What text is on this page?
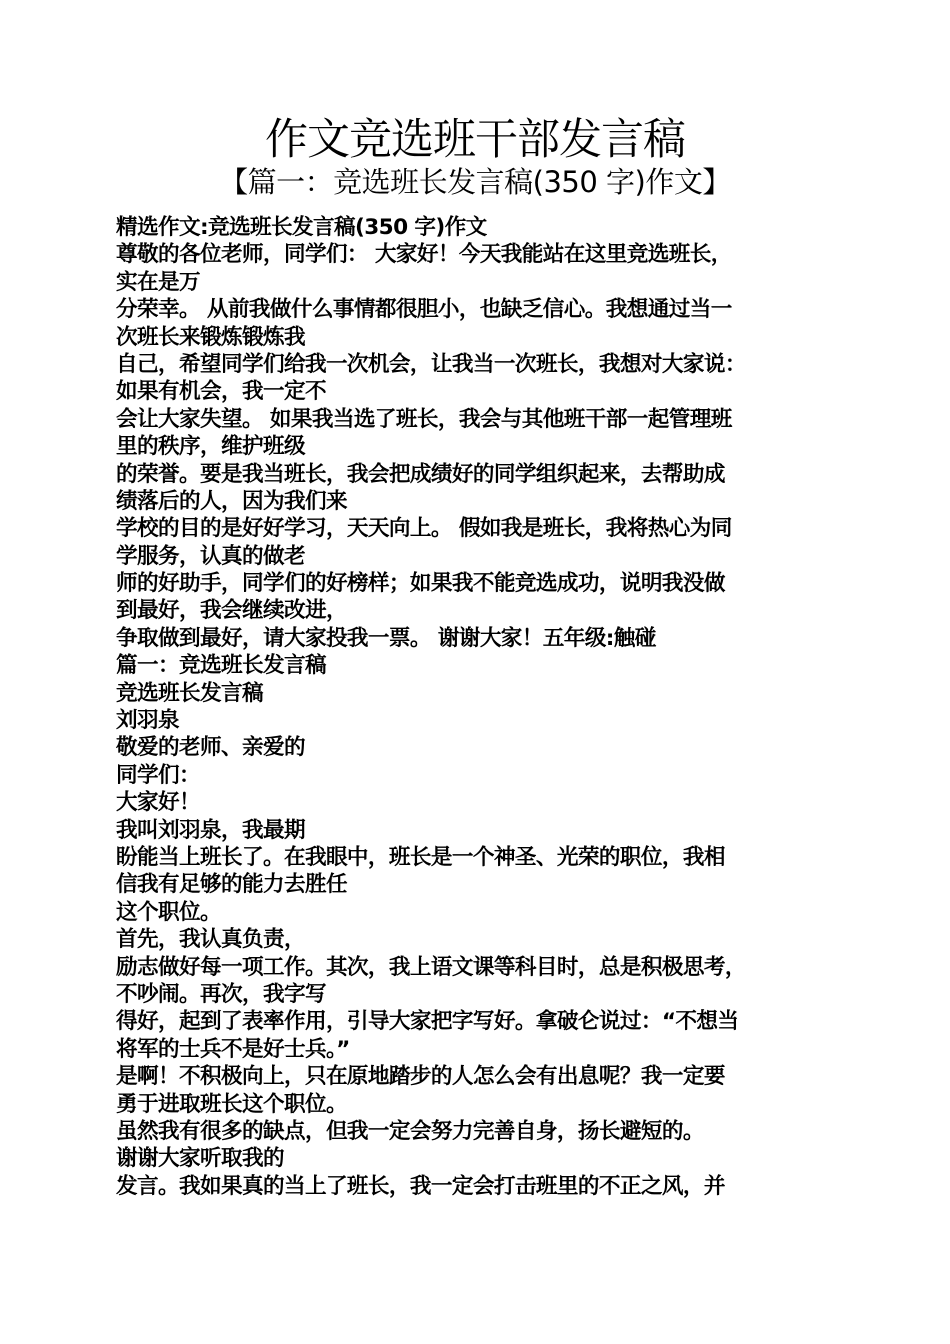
作文竞选班干部发言稿
【篇一：竞选班长发言稿(350 字)作文】
精选作文:竞选班长发言稿(350 字)作文
尊敬的各位老师，同学们： 大家好！今天我能站在这里竞选班长，
实在是万
分荣幸。 从前我做什么事情都很胆小，也缺乏信心。我想通过当一
次班长来锻炼锻炼我
自己，希望同学们给我一次机会，让我当一次班长，我想对大家说：
如果有机会，我一定不
会让大家失望。 如果我当选了班长，我会与其他班干部一起管理班
里的秩序，维护班级
的荣誉。要是我当班长，我会把成绩好的同学组织起来，去帮助成
绩落后的人，因为我们来
学校的目的是好好学习，天天向上。 假如我是班长，我将热心为同
学服务，认真的做老
师的好助手，同学们的好榜样；如果我不能竞选成功，说明我没做
到最好，我会继续改进，
争取做到最好，请大家投我一票。 谢谢大家！五年级:触碰
篇一：竞选班长发言稿
竞选班长发言稿
刘羽泉
敬爱的老师、亲爱的
同学们：
大家好！
我叫刘羽泉，我最期
盼能当上班长了。在我眼中，班长是一个神圣、光荣的职位，我相
信我有足够的能力去胜任
这个职位。
首先，我认真负责，
励志做好每一项工作。其次，我上语文课等科目时，总是积极思考，
不吵闹。再次，我字写
得好，起到了表率作用，引导大家把字写好。拿破仑说过：“不想当
将军的士兵不是好士兵。”
是啊！不积极向上，只在原地踏步的人怎么会有出息呢？我一定要
勇于进取班长这个职位。
虽然我有很多的缺点，但我一定会努力完善自身，扬长避短的。
谢谢大家听取我的
发言。我如果真的当上了班长，我一定会打击班里的不正之风，并
